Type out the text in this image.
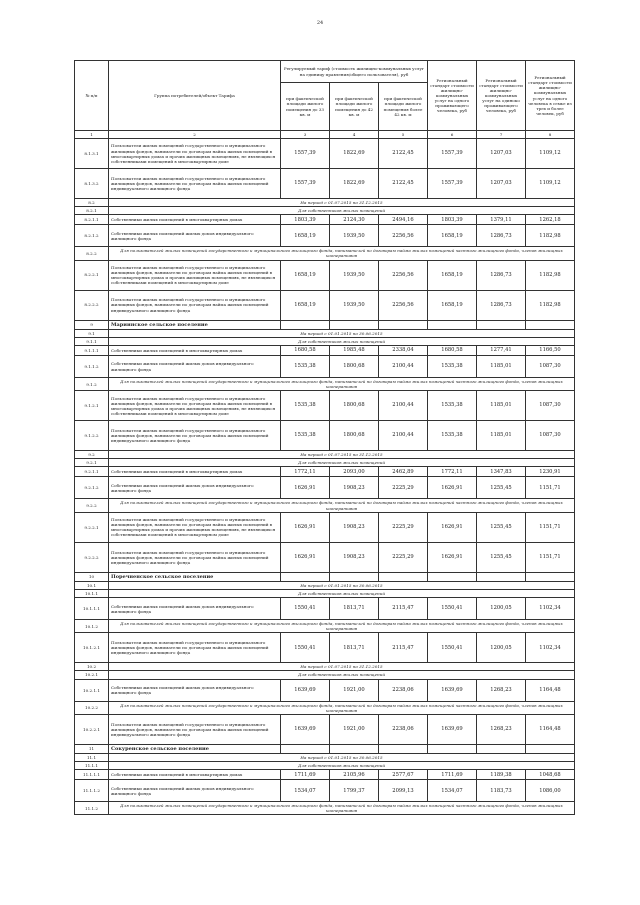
24
№ п/п	Группа потребителей/объект Тарифа	Регулируемый тариф (стоимость жилищно-коммунальных услуг на единицу правления/общего пользователя), руб			Региональный стандарт стоимости жилищно-коммунальных услуг на одного проживающего человека, руб	Региональный стандарт стоимости жилищно-коммунальных услуг на одиноко проживающего человека, руб	Региональный стандарт стоимости жилищно-коммунальных услуг на одного человека в семье из трех и более человек, руб
		при фактической площади жилого помещения до 33 кв. м	при фактической площади жилого помещения до 42 кв. м	при фактической площади жилого помещения более 42 кв. м			
1	2	3	4	5	6	7	8
8.1.3.1	Пользователи жилых помещений государственного и муниципального жилищных фондов, наниматели по договорам найма жилых помещений в многоквартирных домах и прочих жилищных помещениях, не являющихся собственниками помещений в многоквартирном доме	1557,39	1822,69	2122,45	1557,39	1207,03	1109,12
8.1.3.2	Пользователи жилых помещений государственного и муниципального жилищных фондов, наниматели по договорам найма жилых помещений индивидуального жилищного фонда	1557,39	1822,69	2122,45	1557,39	1207,03	1109,12
8.2	На период с 01.07.2015 по 31.12.2015						
8.2.1	Для собственников жилых помещений						
8.2.1.1	Собственники жилых помещений в многоквартирных домах	1803,39	2124,30	2494,16	1803,39	1379,11	1262,18
8.2.1.2	Собственники жилых помещений жилых домов индивидуального жилищного фонда	1658,19	1939,50	2256,56	1658,19	1286,73	1182,98
8.2.2	Для пользователей жилых помещений государственного и муниципального жилищного фонда, нанимателей по договорам найма жилых помещений частного жилищного фонда, членов жилищных кооперативов						
8.2.2.1	Пользователи жилых помещений государственного и муниципального жилищных фондов, наниматели по договорам найма жилых помещений в многоквартирных домах и прочих жилищных помещениях, не являющихся собственниками помещений в многоквартирном доме	1658,19	1939,50	2256,56	1658,19	1286,73	1182,98
8.2.2.2	Пользователи жилых помещений государственного и муниципального жилищных фондов, наниматели по договорам найма жилых помещений индивидуального жилищного фонда	1658,19	1939,50	2256,56	1658,19	1286,73	1182,98
9	Мариинское сельское поселение						
9.1	На период с 01.01.2015 по 30.06.2015						
9.1.1	Для собственников жилых помещений						
9.1.1.1	Собственники жилых помещений в многоквартирных домах	1680,58	1985,48	2338,04	1680,58	1277,41	1166,50
9.1.1.2	Собственники жилых помещений жилых домов индивидуального жилищного фонда	1535,38	1800,68	2100,44	1535,38	1185,01	1087,30
9.1.2	Для пользователей жилых помещений государственного и муниципального жилищного фонда, нанимателей по договорам найма жилых помещений частного жилищного фонда, членов жилищных кооперативов						
9.1.2.1	Пользователи жилых помещений государственного и муниципального жилищных фондов, наниматели по договорам найма жилых помещений в многоквартирных домах и прочих жилищных помещениях, не являющихся собственниками помещений в многоквартирном доме	1535,38	1800,68	2100,44	1535,38	1185,01	1087,30
9.1.2.2	Пользователи жилых помещений государственного и муниципального жилищных фондов, наниматели по договорам найма жилых помещений индивидуального жилищного фонда	1535,38	1800,68	2100,44	1535,38	1185,01	1087,30
9.2	На период с 01.07.2015 по 31.12.2015						
9.2.1	Для собственников жилых помещений						
9.2.1.1	Собственники жилых помещений в многоквартирных домах	1772,11	2093,00	2462,89	1772,11	1347,83	1230,91
9.2.1.2	Собственники жилых помещений жилых домов индивидуального жилищного фонда	1626,91	1908,23	2225,29	1626,91	1255,45	1151,71
9.2.2	Для пользователей жилых помещений государственного и муниципального жилищного фонда, нанимателей по договорам найма жилых помещений частного жилищного фонда, членов жилищных кооперативов						
9.2.2.1	Пользователи жилых помещений государственного и муниципального жилищных фондов, наниматели по договорам найма жилых помещений в многоквартирных домах и прочих жилищных помещениях, не являющихся собственниками помещений в многоквартирном доме	1626,91	1908,23	2225,29	1626,91	1255,45	1151,71
9.2.2.2	Пользователи жилых помещений государственного и муниципального жилищных фондов, наниматели по договорам найма жилых помещений индивидуального жилищного фонда	1626,91	1908,23	2225,29	1626,91	1255,45	1151,71
10	Поречненское сельское поселение						
10.1	На период с 01.01.2015 по 30.06.2015						
10.1.1	Для собственников жилых помещений						
10.1.1.1	Собственники жилых помещений жилых домов индивидуального жилищного фонда	1550,41	1813,71	2115,47	1550,41	1200,05	1102,34
10.1.2	Для пользователей жилых помещений государственного и муниципального жилищного фонда, нанимателей по договорам найма жилых помещений частного жилищного фонда, членов жилищных кооперативов						
10.1.2.1	Пользователи жилых помещений государственного и муниципального жилищных фондов, наниматели по договорам найма жилых помещений индивидуального жилищного фонда	1550,41	1813,71	2115,47	1550,41	1200,05	1102,34
10.2	На период с 01.07.2015 по 31.12.2015						
10.2.1	Для собственников жилых помещений						
10.2.1.1	Собственники жилых помещений жилых домов индивидуального жилищного фонда	1639,69	1921,00	2238,06	1639,69	1268,23	1164,48
10.2.2	Для пользователей жилых помещений государственного и муниципального жилищного фонда, нанимателей по договорам найма жилых помещений частного жилищного фонда, членов жилищных кооперативов						
10.2.2.1	Пользователи жилых помещений государственного и муниципального жилищных фондов, наниматели по договорам найма жилых помещений индивидуального жилищного фонда	1639,69	1921,00	2238,06	1639,69	1268,23	1164,48
11	Сокуренское сельское поселение						
11.1	На период с 01.01.2015 по 30.06.2015						
11.1.1	Для собственников жилых помещений						
11.1.1.1	Собственники жилых помещений в многоквартирных домах	1711,69	2105,96	2577,67	1711,69	1189,38	1048,68
11.1.1.2	Собственники жилых помещений жилых домов индивидуального жилищного фонда	1534,07	1799,37	2099,13	1534,07	1183,73	1086,00
11.1.2	Для пользователей жилых помещений государственного и муниципального жилищного фонда, нанимателей по договорам найма жилых помещений частного жилищного фонда, членов жилищных кооперативов						
